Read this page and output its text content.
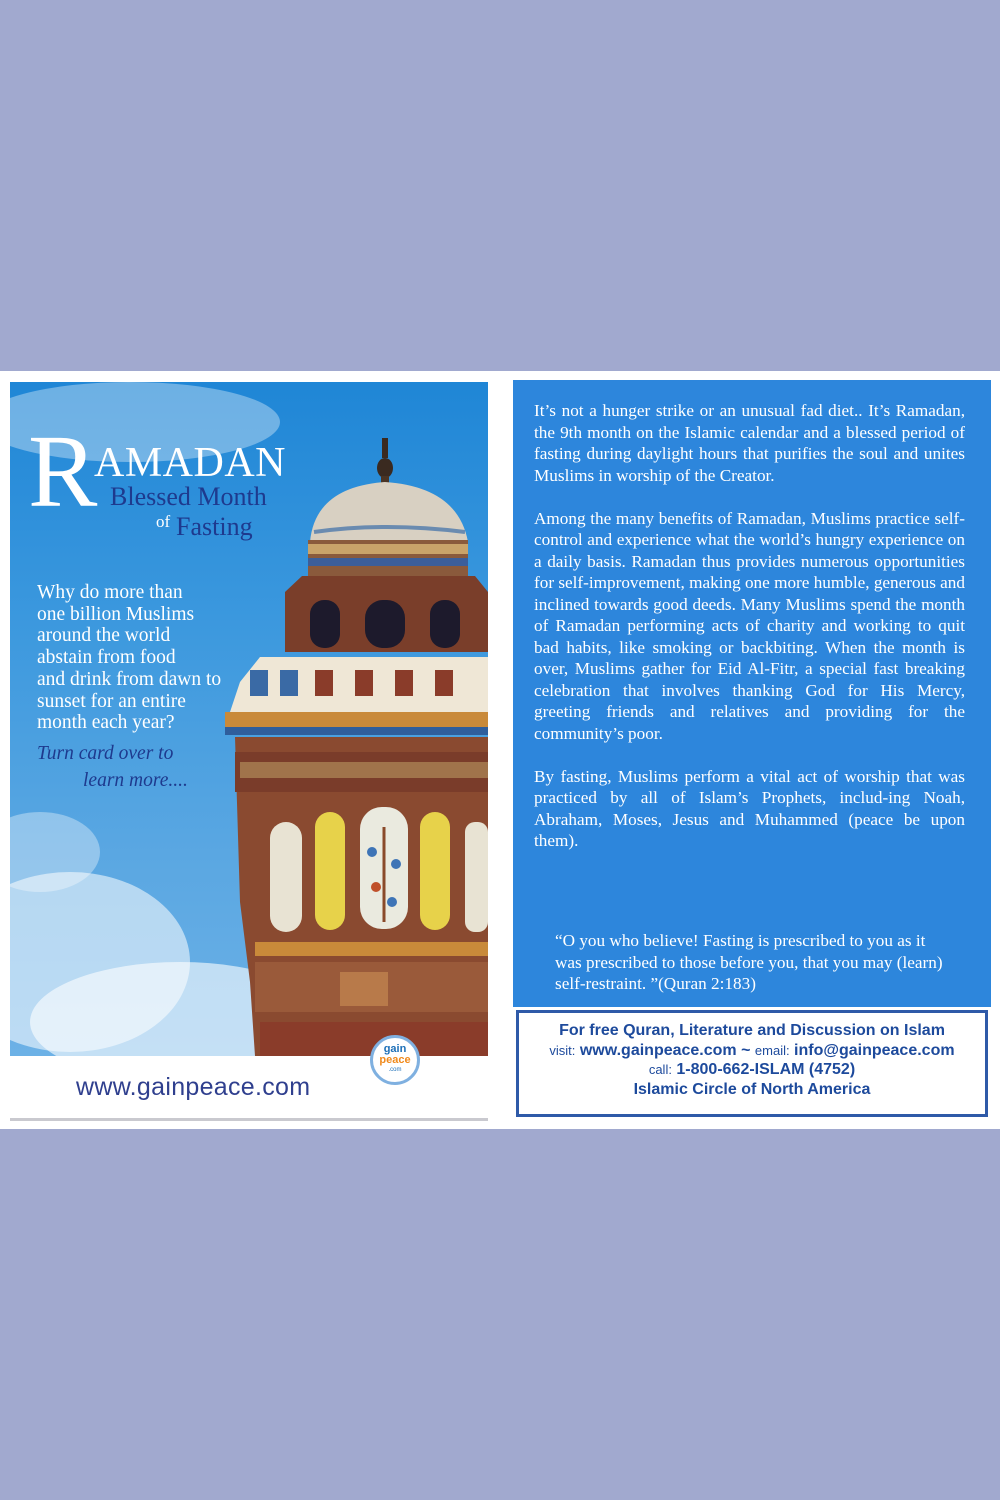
R
AMADAN
Blessed Month
of Fasting
Why do more than
one billion Muslims
around the world
abstain from food
and drink from dawn to
sunset for an entire
month each year?
Turn card over to
learn more....
www.gainpeace.com
gain
peace
.com

It’s not a hunger strike or an unusual fad diet.. It’s Ramadan, the 9th month on the Islamic calendar and a blessed period of fasting during daylight hours that purifies the soul and unites Muslims in worship of the Creator.

Among the many benefits of Ramadan, Muslims practice self-control and experience what the world’s hungry experience on a daily basis. Ramadan thus provides numerous opportunities for self-improvement, making one more humble, generous and inclined towards good deeds. Many Muslims spend the month of Ramadan performing acts of charity and working to quit bad habits, like smoking or backbiting. When the month is over, Muslims gather for Eid Al-Fitr, a special fast breaking celebration that involves thanking God for His Mercy, greeting friends and relatives and providing for the community’s poor.

By fasting, Muslims perform a vital act of worship that was practiced by all of Islam’s Prophets, includ-ing Noah, Abraham, Moses, Jesus and Muhammed (peace be upon them).

“O you who believe! Fasting is prescribed to you as it was prescribed to those before you, that you may (learn) self-restraint. ”(Quran 2:183)
For free Quran, Literature and Discussion on Islam
visit: www.gainpeace.com ~ email: info@gainpeace.com
call: 1-800-662-ISLAM (4752)
Islamic Circle of North America
